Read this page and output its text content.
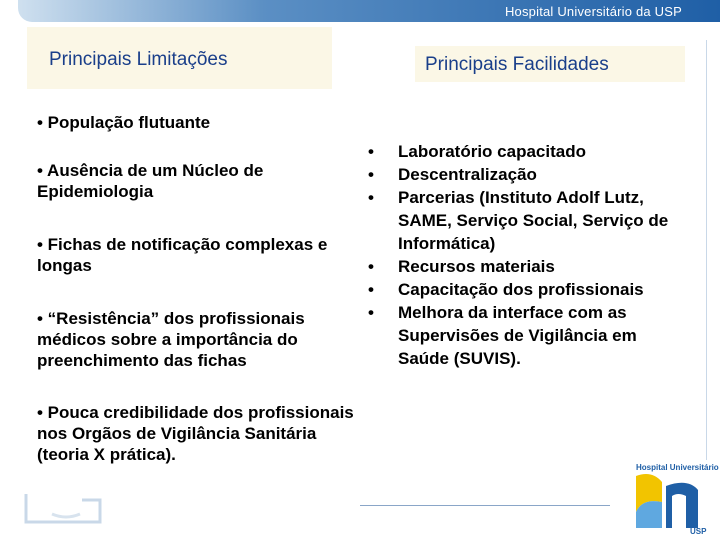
Hospital Universitário da USP
Principais Limitações	Principais Facilidades

• População flutuante

• Ausência de um Núcleo de Epidemiologia

• Fichas de notificação complexas e longas

• “Resistência” dos profissionais médicos sobre a importância do preenchimento das fichas

• Pouca credibilidade dos profissionais nos Orgãos de Vigilância Sanitária (teoria X prática).

• Laboratório capacitado
• Descentralização
• Parcerias (Instituto Adolf Lutz, SAME, Serviço Social, Serviço de Informática)
• Recursos materiais
• Capacitação dos profissionais
• Melhora da interface com as Supervisões de Vigilância em Saúde (SUVIS).
Hospital Universitário
USP
